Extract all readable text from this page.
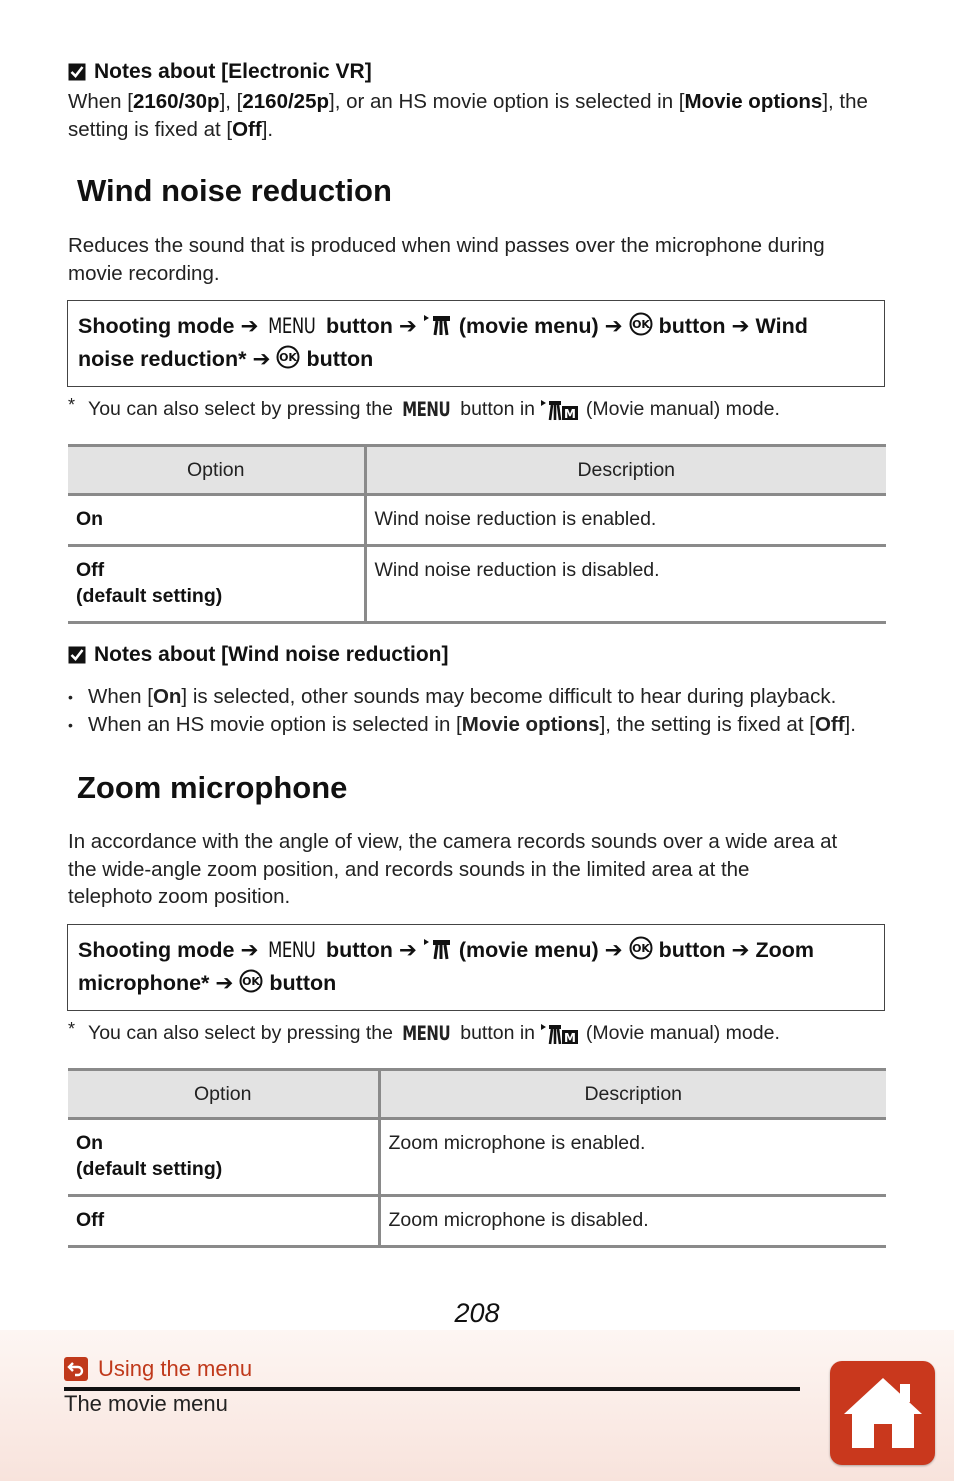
Notes about [Electronic VR]
When [2160/30p], [2160/25p], or an HS movie option is selected in [Movie options], the
setting is fixed at [Off].
Wind noise reduction
Reduces the sound that is produced when wind passes over the microphone during
movie recording.
Shooting mode ➔ MENU button ➔ (movie menu) ➔ OK button ➔ Wind
noise reduction* ➔ OK button
* You can also select by pressing the
MENU
button in
M
(Movie manual) mode.
Option	Description
On	Wind noise reduction is enabled.
Off
(default setting)	Wind noise reduction is disabled.
Notes about [Wind noise reduction]
• When [On] is selected, other sounds may become difficult to hear during playback.
• When an HS movie option is selected in [Movie options], the setting is fixed at [Off].
Zoom microphone
In accordance with the angle of view, the camera records sounds over a wide area at
the wide-angle zoom position, and records sounds in the limited area at the
telephoto zoom position.
Shooting mode ➔ MENU button ➔ (movie menu) ➔ OK button ➔ Zoom
microphone* ➔ OK button
* You can also select by pressing the
MENU
button in
M
(Movie manual) mode.
Option	Description
On
(default setting)	Zoom microphone is enabled.
Off	Zoom microphone is disabled.
208
Using the menu
The movie menu
